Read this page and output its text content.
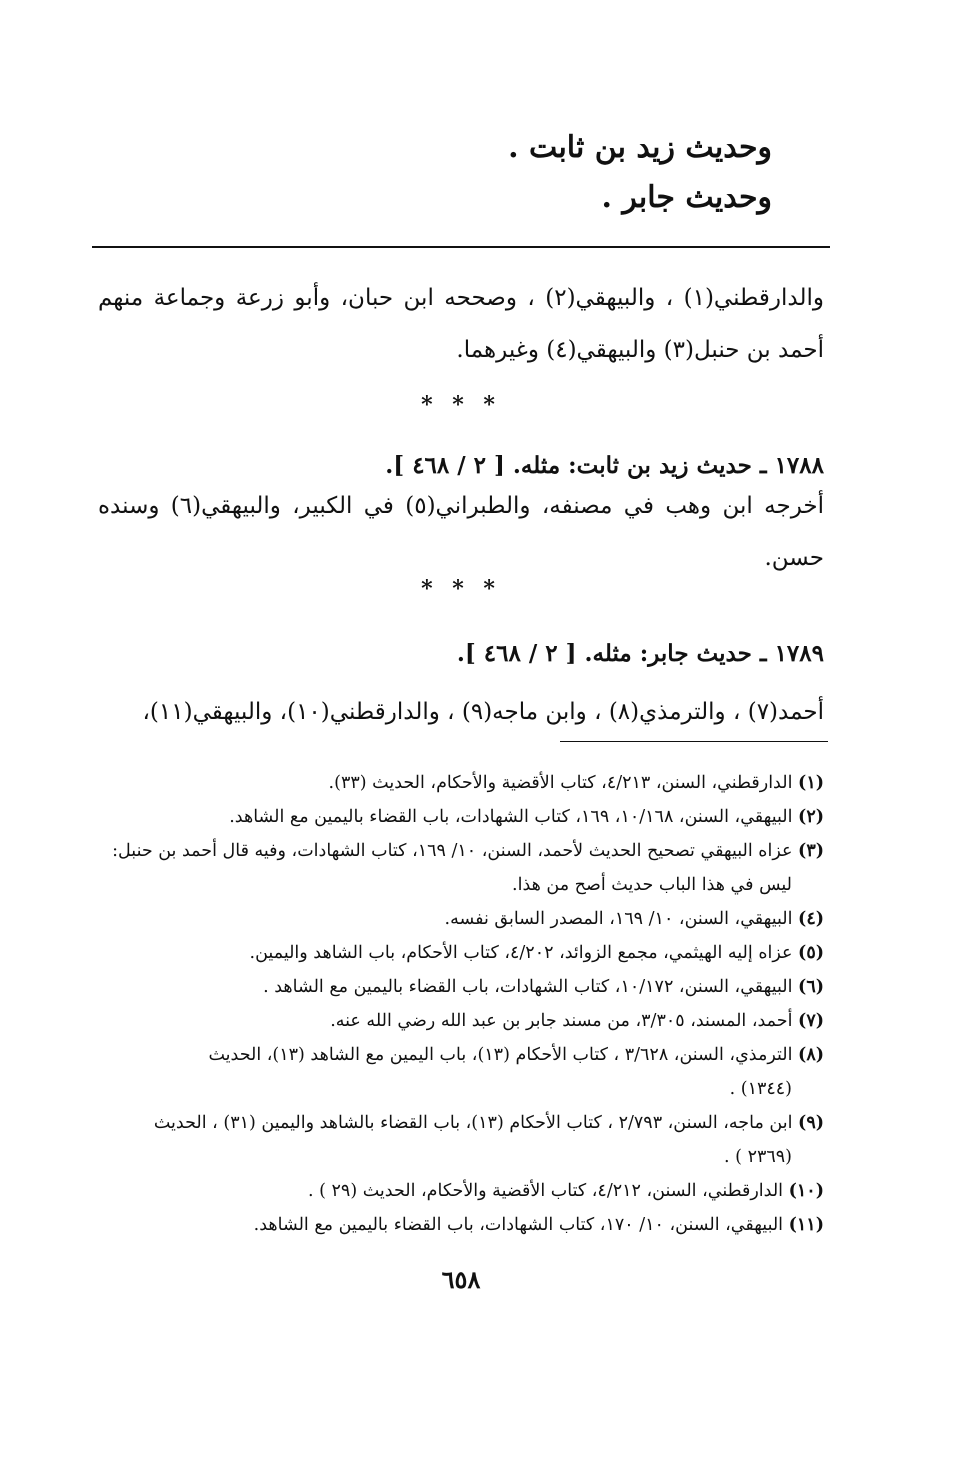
وحديث زيد بن ثابت .
وحديث جابر .
والدارقطني(١) ، والبيهقي(٢) ، وصححه ابن حبان، وأبو زرعة وجماعة منهم أحمد بن حنبل(٣) والبيهقي(٤) وغيرهما.
* * *
١٧٨٨ ـ حديث زيد بن ثابت: مثله. [ ٢ / ٤٦٨ ].
أخرجه ابن وهب في مصنفه، والطبراني(٥) في الكبير، والبيهقي(٦) وسنده حسن.
* * *
١٧٨٩ ـ حديث جابر: مثله. [ ٢ / ٤٦٨ ].
أحمد(٧) ، والترمذي(٨) ، وابن ماجه(٩) ، والدارقطني(١٠)، والبيهقي(١١)،
(١) الدارقطني، السنن، ٤/٢١٣، كتاب الأقضية والأحكام، الحديث (٣٣).
(٢) البيهقي، السنن، ١٠/١٦٨، ١٦٩، كتاب الشهادات، باب القضاء باليمين مع الشاهد.
(٣) عزاه البيهقي تصحيح الحديث لأحمد، السنن، ١٠/ ١٦٩، كتاب الشهادات، وفيه قال أحمد بن حنبل:
ليس في هذا الباب حديث أصح من هذا.
(٤) البيهقي، السنن، ١٠/ ١٦٩، المصدر السابق نفسه.
(٥) عزاه إليه الهيثمي، مجمع الزوائد، ٤/٢٠٢، كتاب الأحكام، باب الشاهد واليمين.
(٦) البيهقي، السنن، ١٠/١٧٢، كتاب الشهادات، باب القضاء باليمين مع الشاهد .
(٧) أحمد، المسند، ٣/٣٠٥، من مسند جابر بن عبد الله رضي الله عنه.
(٨) الترمذي، السنن، ٣/٦٢٨ ، كتاب الأحكام (١٣)، باب اليمين مع الشاهد (١٣)، الحديث
(١٣٤٤) .
(٩) ابن ماجه، السنن، ٢/٧٩٣ ، كتاب الأحكام (١٣)، باب القضاء بالشاهد واليمين (٣١) ، الحديث
(٢٣٦٩ ) .
(١٠) الدارقطني، السنن، ٤/٢١٢، كتاب الأقضية والأحكام، الحديث (٢٩ ) .
(١١) البيهقي، السنن، ١٠/ ١٧٠، كتاب الشهادات، باب القضاء باليمين مع الشاهد.
٦٥٨
